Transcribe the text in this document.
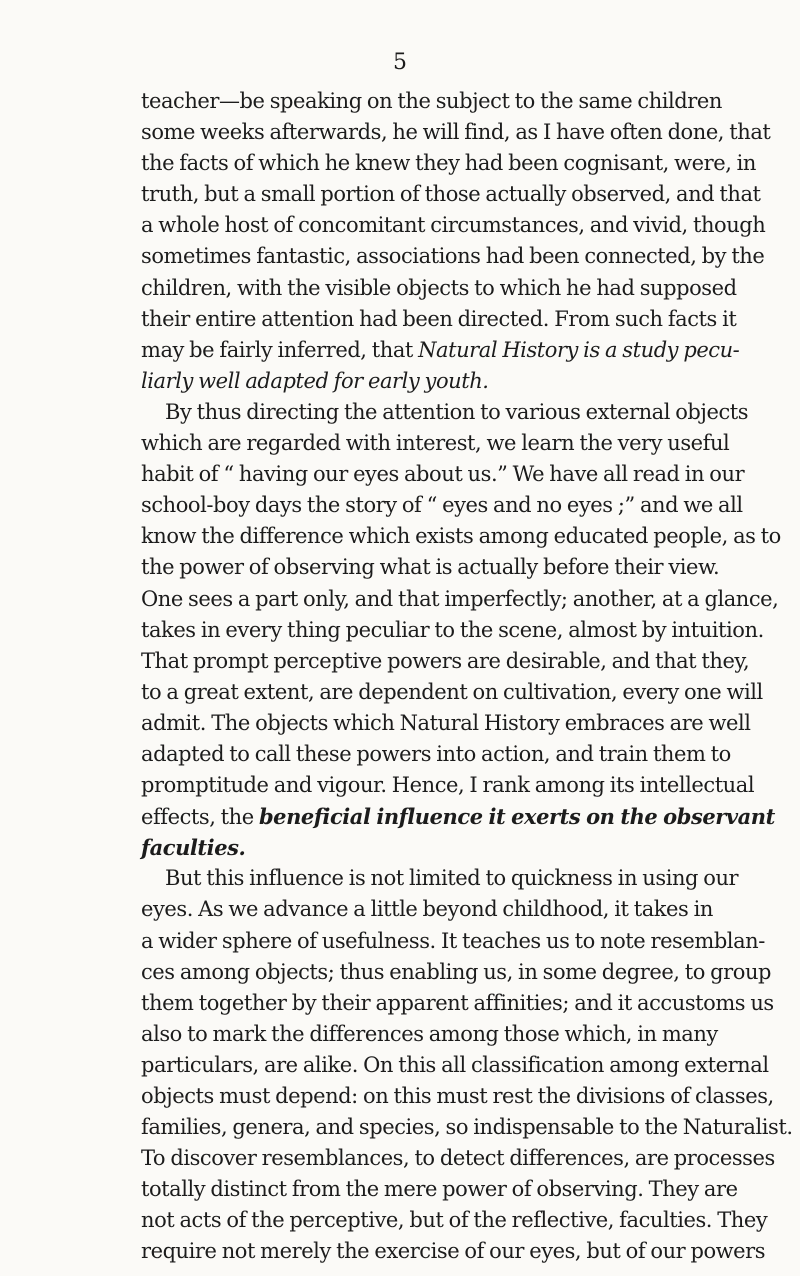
5
teacher—be speaking on the subject to the same children
some weeks afterwards, he will find, as I have often done, that
the facts of which he knew they had been cognisant, were, in
truth, but a small portion of those actually observed, and that
a whole host of concomitant circumstances, and vivid, though
sometimes fantastic, associations had been connected, by the
children, with the visible objects to which he had supposed
their entire attention had been directed. From such facts it
may be fairly inferred, that Natural History is a study pecu-
liarly well adapted for early youth.
By thus directing the attention to various external objects
which are regarded with interest, we learn the very useful
habit of “ having our eyes about us.” We have all read in our
school-boy days the story of “ eyes and no eyes ;” and we all
know the difference which exists among educated people, as to
the power of observing what is actually before their view.
One sees a part only, and that imperfectly; another, at a glance,
takes in every thing peculiar to the scene, almost by intuition.
That prompt perceptive powers are desirable, and that they,
to a great extent, are dependent on cultivation, every one will
admit. The objects which Natural History embraces are well
adapted to call these powers into action, and train them to
promptitude and vigour. Hence, I rank among its intellectual
effects, the beneficial influence it exerts on the observant
faculties.
But this influence is not limited to quickness in using our
eyes. As we advance a little beyond childhood, it takes in
a wider sphere of usefulness. It teaches us to note resemblan-
ces among objects; thus enabling us, in some degree, to group
them together by their apparent affinities; and it accustoms us
also to mark the differences among those which, in many
particulars, are alike. On this all classification among external
objects must depend: on this must rest the divisions of classes,
families, genera, and species, so indispensable to the Naturalist.
To discover resemblances, to detect differences, are processes
totally distinct from the mere power of observing. They are
not acts of the perceptive, but of the reflective, faculties. They
require not merely the exercise of our eyes, but of our powers
